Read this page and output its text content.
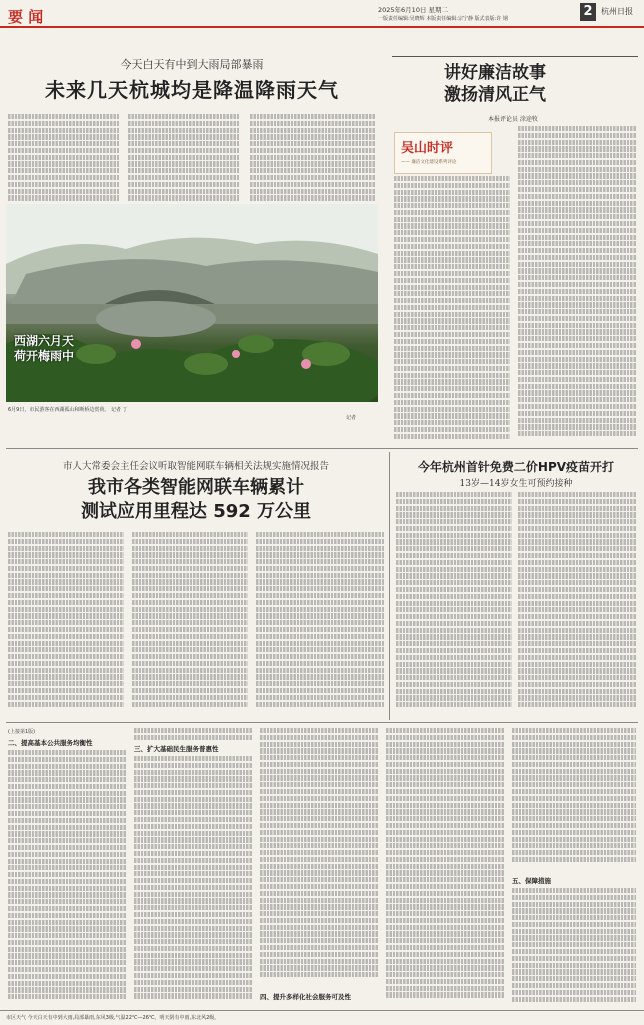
要 闻	2025年6月10日 星期二
一版责任编辑:吴晓辉 本版责任编辑:宗宁静 版式表版:许 钢	2	杭州日报
今天白天有中到大雨局部暴雨
未来几天杭城均是降温降雨天气
西湖六月天
荷开梅雨中
6月9日，市民游客在西湖孤山和断桥边赏荷。 记者 丁
记者
讲好廉洁故事
激扬清风正气
本报评论员 涂途牧
吴山时评
—— 廉洁文化建设系列评论
市人大常委会主任会议听取智能网联车辆相关法规实施情况报告
我市各类智能网联车辆累计
测试应用里程达 592 万公里
今年杭州首针免费二价HPV疫苗开打
13岁—14岁女生可预约接种
(上接第1版)
二、提高基本公共服务均衡性
三、扩大基础民生服务普惠性
四、提升多样化社会服务可及性
五、保障措施
市区天气 今天白天有中到大雨,局部暴雨,东风3级,气温22℃—26℃。明天阴有中雨,东北风2级。
